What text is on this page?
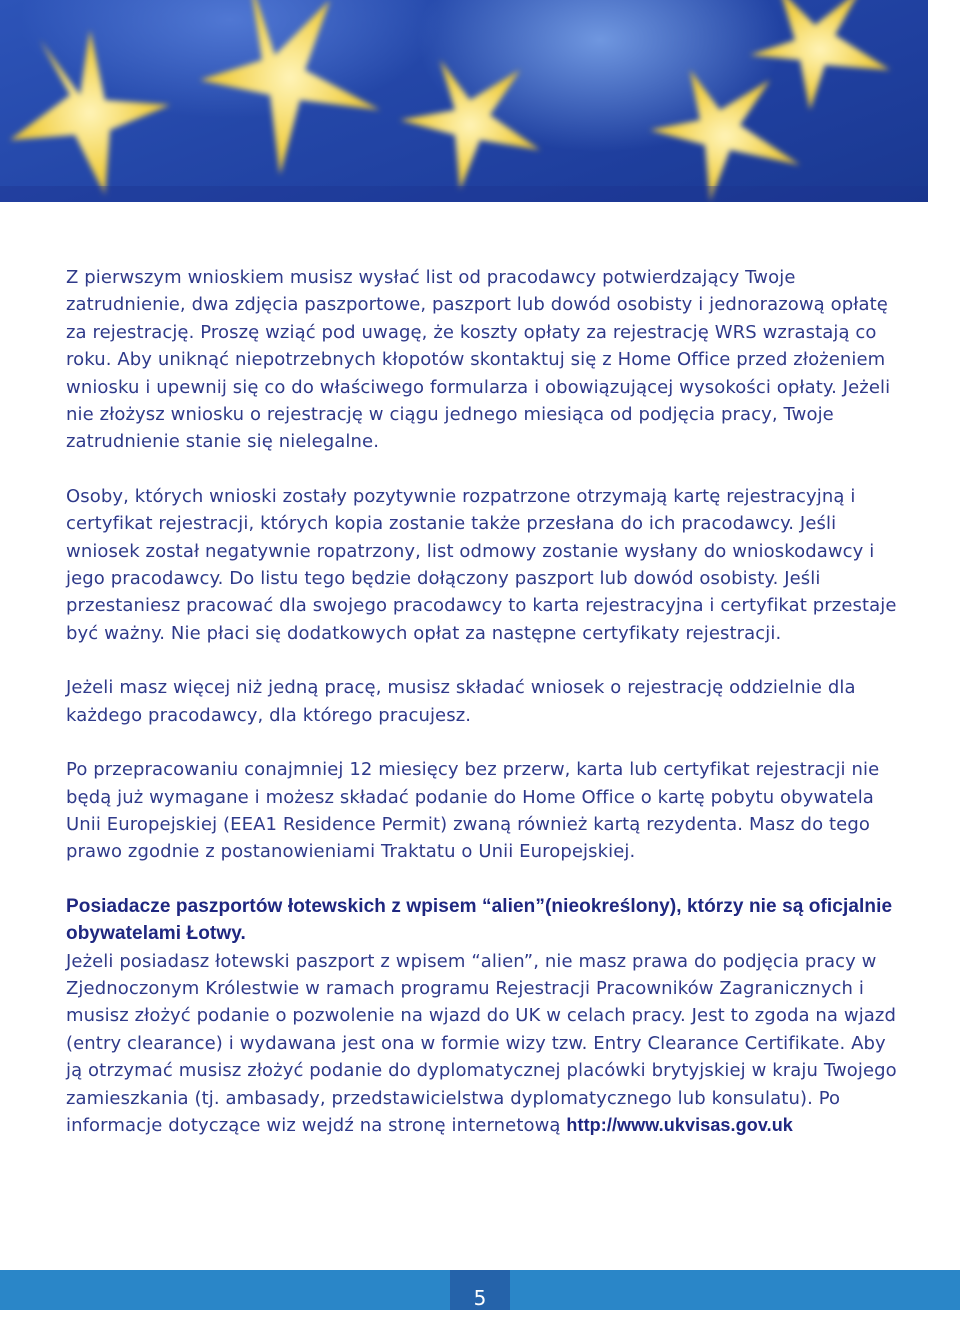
Z pierwszym wnioskiem musisz wysłać list od pracodawcy potwierdzający Twoje zatrudnienie, dwa zdjęcia paszportowe, paszport lub dowód osobisty i jednorazową opłatę za rejestrację. Proszę wziąć pod uwagę, że koszty opłaty za rejestrację WRS wzrastają co roku. Aby uniknąć niepotrzebnych kłopotów skontaktuj się z Home Office przed złożeniem wniosku i upewnij się co do właściwego formularza i obowiązującej wysokości opłaty. Jeżeli nie złożysz wniosku o rejestrację w ciągu jednego miesiąca od podjęcia pracy, Twoje zatrudnienie stanie się nielegalne.

Osoby, których wnioski zostały pozytywnie rozpatrzone otrzymają kartę rejestracyjną i certyfikat rejestracji, których kopia zostanie także przesłana do ich pracodawcy. Jeśli wniosek został negatywnie ropatrzony, list odmowy zostanie wysłany do wnioskodawcy i jego pracodawcy. Do listu tego będzie dołączony paszport lub dowód osobisty. Jeśli przestaniesz pracować dla swojego pracodawcy to karta rejestracyjna i certyfikat przestaje być ważny. Nie płaci się dodatkowych opłat za następne certyfikaty rejestracji.

Jeżeli masz więcej niż jedną pracę, musisz składać wniosek o rejestrację oddzielnie dla każdego pracodawcy, dla którego pracujesz.

Po przepracowaniu conajmniej 12 miesięcy bez przerw, karta lub certyfikat rejestracji nie będą już wymagane i możesz składać podanie do Home Office o kartę pobytu obywatela Unii Europejskiej (EEA1 Residence Permit) zwaną również kartą rezydenta. Masz do tego prawo zgodnie z postanowieniami Traktatu o Unii Europejskiej.

Posiadacze paszportów łotewskich z wpisem “alien”(nieokreślony), którzy nie są oficjalnie obywatelami Łotwy.

Jeżeli posiadasz łotewski paszport z wpisem “alien”, nie masz prawa do podjęcia pracy w Zjednoczonym Królestwie w ramach programu Rejestracji Pracowników Zagranicznych i musisz złożyć podanie o pozwolenie na wjazd do UK w celach pracy. Jest to zgoda na wjazd (entry clearance) i wydawana jest ona w formie wizy tzw. Entry Clearance Certifikate. Aby ją otrzymać musisz złożyć podanie do dyplomatycznej placówki brytyjskiej w kraju Twojego zamieszkania (tj. ambasady, przedstawicielstwa dyplomatycznego lub konsulatu). Po informacje dotyczące wiz wejdź na stronę internetową http://www.ukvisas.gov.uk

5
